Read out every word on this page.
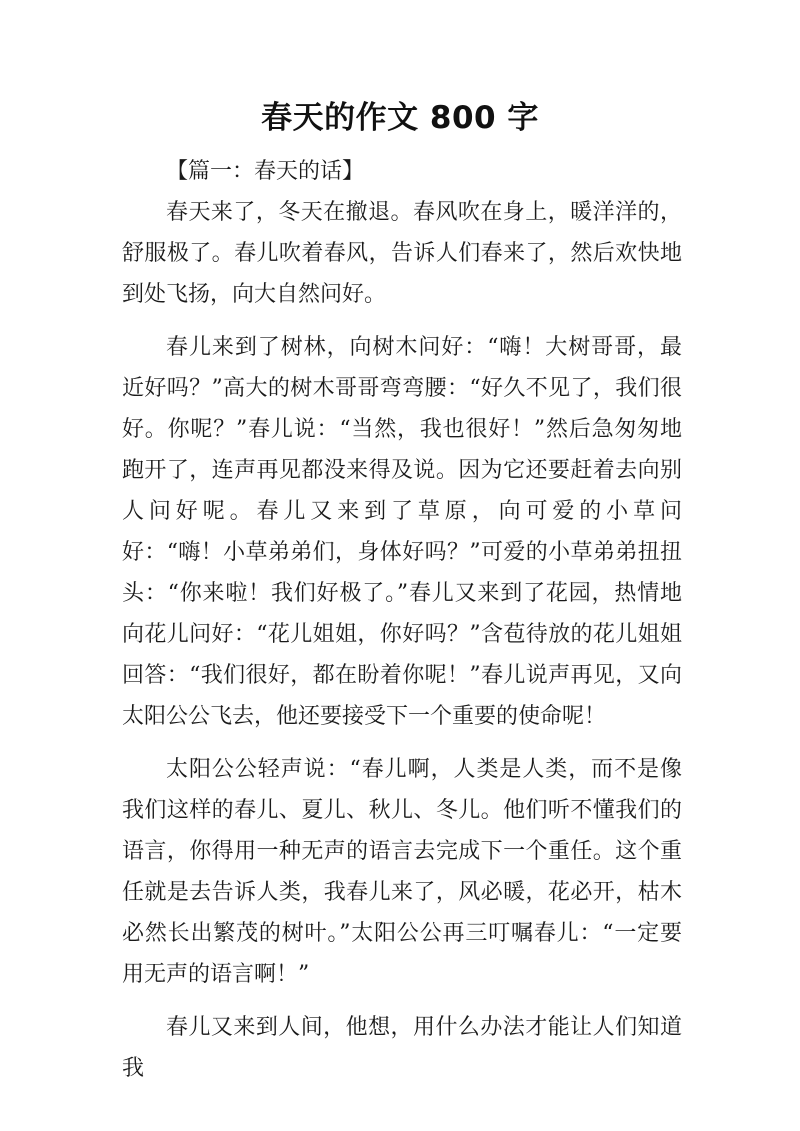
春天的作文 800 字
【篇一：春天的话】

春天来了，冬天在撤退。春风吹在身上，暖洋洋的，舒服极了。春儿吹着春风，告诉人们春来了，然后欢快地到处飞扬，向大自然问好。

春儿来到了树林，向树木问好：“嗨！大树哥哥，最近好吗？”高大的树木哥哥弯弯腰：“好久不见了，我们很好。你呢？”春儿说：“当然，我也很好！”然后急匆匆地跑开了，连声再见都没来得及说。因为它还要赶着去向别人问好呢。春儿又来到了草原，向可爱的小草问好：“嗨！小草弟弟们，身体好吗？”可爱的小草弟弟扭扭头：“你来啦！我们好极了。”春儿又来到了花园，热情地向花儿问好：“花儿姐姐，你好吗？”含苞待放的花儿姐姐回答：“我们很好，都在盼着你呢！”春儿说声再见，又向太阳公公飞去，他还要接受下一个重要的使命呢！

太阳公公轻声说：“春儿啊，人类是人类，而不是像我们这样的春儿、夏儿、秋儿、冬儿。他们听不懂我们的语言，你得用一种无声的语言去完成下一个重任。这个重任就是去告诉人类，我春儿来了，风必暖，花必开，枯木必然长出繁茂的树叶。”太阳公公再三叮嘱春儿：“一定要用无声的语言啊！”

春儿又来到人间，他想，用什么办法才能让人们知道我
